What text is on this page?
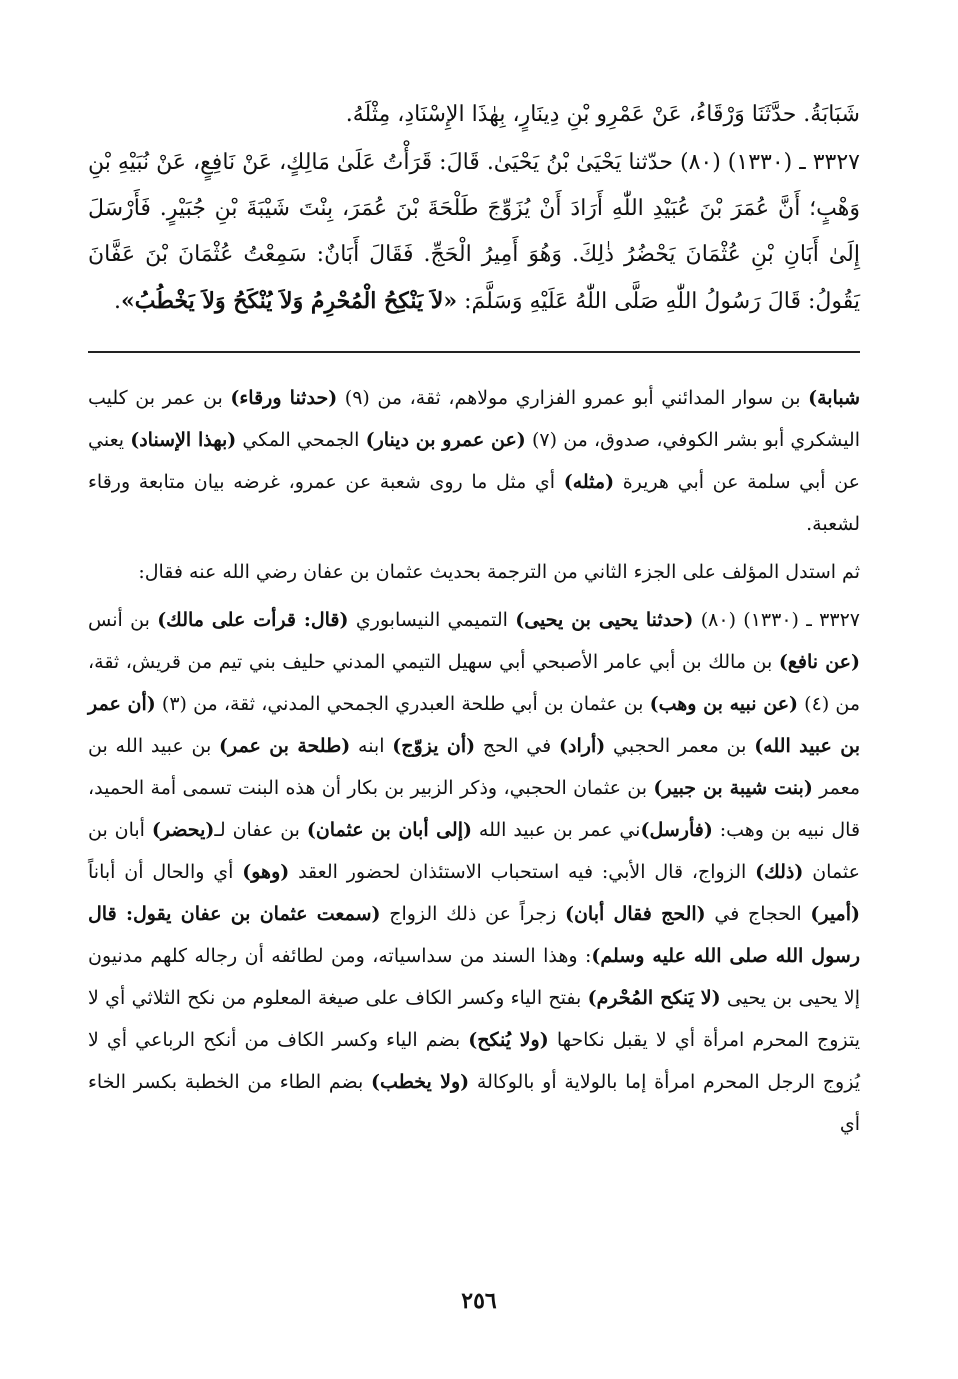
شَبَابَةُ. حدَّثَنَا وَرْقَاءُ، عَنْ عَمْرِو بْنِ دِينَارٍ، بِهٰذَا الإِسْنَادِ، مِثْلَهُ.

٣٣٢٧ ـ (١٣٣٠) (٨٠) حدّثنا يَحْيَىٰ بْنُ يَحْيَىٰ. قَالَ: قَرَأْتُ عَلَىٰ مَالِكٍ، عَنْ نَافِعٍ، عَنْ نُبَيْهِ بْنِ وَهْبٍ؛ أَنَّ عُمَرَ بْنَ عُبَيْدِ اللّٰهِ أَرَادَ أَنْ يُزَوِّجَ طَلْحَةَ بْنَ عُمَرَ، بِنْتَ شَيْبَةَ بْنِ جُبَيْرٍ. فَأَرْسَلَ إِلَىٰ أَبَانِ بْنِ عُثْمَانَ يَحْضُرُ ذٰلِكَ. وَهُوَ أَمِيرُ الْحَجِّ. فَقَالَ أَبَانٌ: سَمِعْتُ عُثْمَانَ بْنَ عَفَّانَ يَقُولُ: قَالَ رَسُولُ اللّٰهِ صَلَّى اللّٰهُ عَلَيْهِ وَسَلَّمَ: «لاَ يَنْكِحُ الْمُحْرِمُ وَلاَ يُنْكَحُ وَلاَ يَخْطُبُ».

شبابة) بن سوار المدائني أبو عمرو الفزاري مولاهم، ثقة، من (٩) (حدثنا ورقاء) بن عمر بن كليب اليشكري أبو بشر الكوفي، صدوق، من (٧) (عن عمرو بن دينار) الجمحي المكي (بهذا الإسناد) يعني عن أبي سلمة عن أبي هريرة (مثله) أي مثل ما روى شعبة عن عمرو، غرضه بيان متابعة ورقاء لشعبة.

ثم استدل المؤلف على الجزء الثاني من الترجمة بحديث عثمان بن عفان رضي الله عنه فقال:

٣٣٢٧ ـ (١٣٣٠) (٨٠) (حدثنا يحيى بن يحيى) التميمي النيسابوري (قال: قرأت على مالك) بن أنس (عن نافع) بن مالك بن أبي عامر الأصبحي أبي سهيل التيمي المدني حليف بني تيم من قريش، ثقة، من (٤) (عن نبيه بن وهب) بن عثمان بن أبي طلحة العبدري الجمحي المدني، ثقة، من (٣) (أن عمر بن عبيد الله) بن معمر الحجبي (أراد) في الحج (أن يزوّج) ابنه (طلحة بن عمر) بن عبيد الله بن معمر (بنت شيبة بن جبير) بن عثمان الحجبي، وذكر الزبير بن بكار أن هذه البنت تسمى أمة الحميد، قال نبيه بن وهب: (فأرسل)ني عمر بن عبيد الله (إلى أبان بن عثمان) بن عفان لـ(يحضر) أبان بن عثمان (ذلك) الزواج، قال الأبي: فيه استحباب الاستئذان لحضور العقد (وهو) أي والحال أن أباناً (أمير) الحجاج في (الحج فقال أبان) زجراً عن ذلك الزواج (سمعت عثمان بن عفان يقول: قال رسول الله صلى الله عليه وسلم): وهذا السند من سداسياته، ومن لطائفه أن رجاله كلهم مدنيون إلا يحيى بن يحيى (لا يَنكح المُحْرم) بفتح الياء وكسر الكاف على صيغة المعلوم من نكح الثلاثي أي لا يتزوج المحرم امرأة أي لا يقبل نكاحها (ولا يُنكح) بضم الياء وكسر الكاف من أنكح الرباعي أي لا يُزوج الرجل المحرم امرأة إما بالولاية أو بالوكالة (ولا يخطب) بضم الطاء من الخطبة بكسر الخاء أي

٢٥٦
